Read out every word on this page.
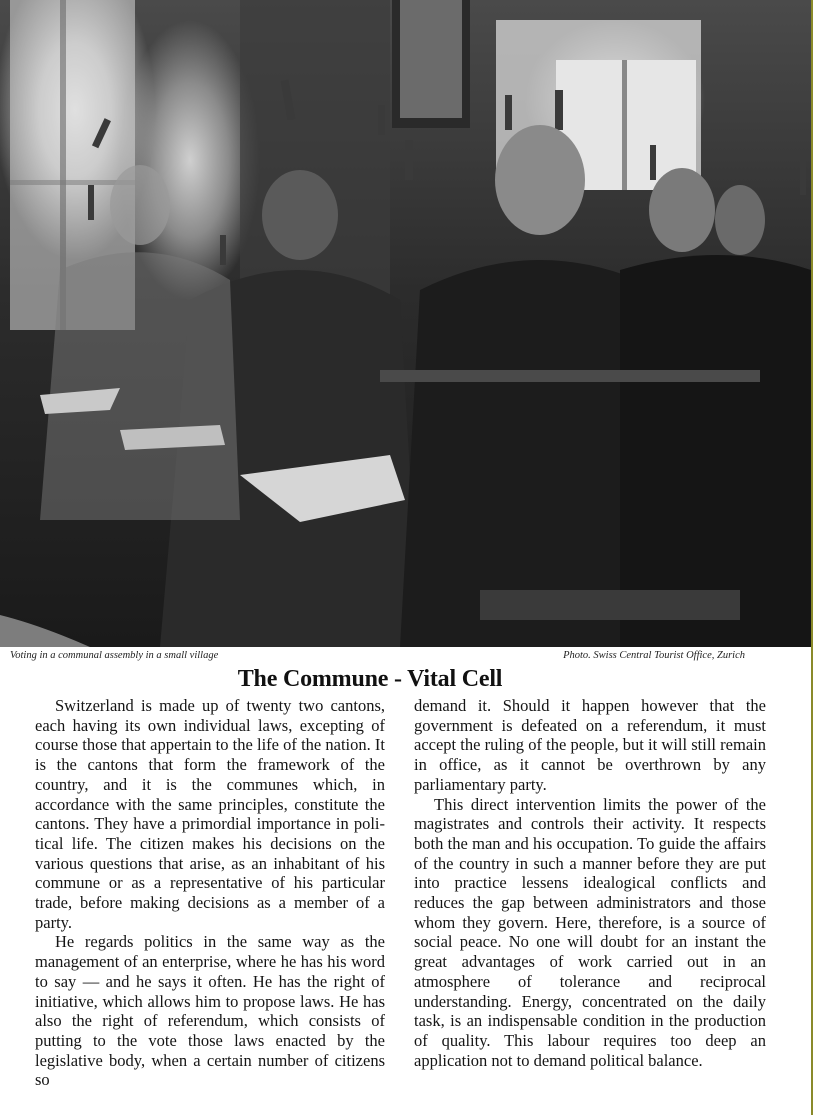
Voting in a communal assembly in a small village	Photo. Swiss Central Tourist Office, Zurich
The Commune - Vital Cell

Switzerland is made up of twenty two cantons, each having its own individual laws, excepting of course those that appertain to the life of the nation. It is the cantons that form the framework of the country, and it is the communes which, in accordance with the same principles, constitute the cantons. They have a primordial importance in political life. The citizen makes his decisions on the various questions that arise, as an inhabitant of his commune or as a representative of his particular trade, before making decisions as a member of a party.

He regards politics in the same way as the management of an enterprise, where he has his word to say — and he says it often. He has the right of initiative, which allows him to propose laws. He has also the right of referendum, which consists of putting to the vote those laws enacted by the legislative body, when a certain number of citizens so

demand it. Should it happen however that the government is defeated on a referendum, it must accept the ruling of the people, but it will still remain in office, as it cannot be overthrown by any parliamentary party.

This direct intervention limits the power of the magistrates and controls their activity. It respects both the man and his occupation. To guide the affairs of the country in such a manner before they are put into practice lessens idealogical conflicts and reduces the gap between administrators and those whom they govern. Here, therefore, is a source of social peace. No one will doubt for an instant the great advantages of work carried out in an atmosphere of tolerance and reciprocal understanding. Energy, concentrated on the daily task, is an indispensable condition in the production of quality. This labour requires too deep an application not to demand political balance.
